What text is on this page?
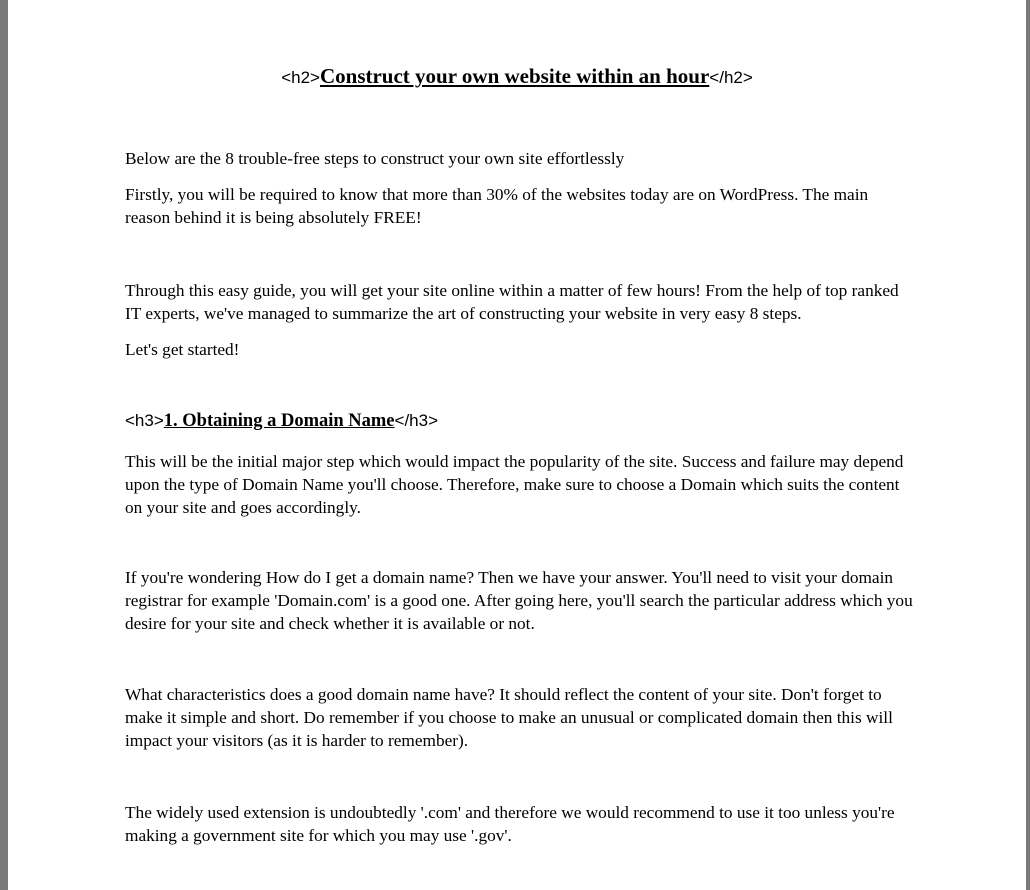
<h2>Construct your own website within an hour</h2>

Below are the 8 trouble-free steps to construct your own site effortlessly

Firstly, you will be required to know that more than 30% of the websites today are on WordPress. The main reason behind it is being absolutely FREE!

Through this easy guide, you will get your site online within a matter of few hours! From the help of top ranked IT experts, we've managed to summarize the art of constructing your website in very easy 8 steps.

Let's get started!

<h3>1. Obtaining a Domain Name</h3>

This will be the initial major step which would impact the popularity of the site. Success and failure may depend upon the type of Domain Name you'll choose. Therefore, make sure to choose a Domain which suits the content on your site and goes accordingly.

If you're wondering How do I get a domain name? Then we have your answer. You'll need to visit your domain registrar for example 'Domain.com' is a good one. After going here, you'll search the particular address which you desire for your site and check whether it is available or not.

What characteristics does a good domain name have? It should reflect the content of your site. Don't forget to make it simple and short. Do remember if you choose to make an unusual or complicated domain then this will impact your visitors (as it is harder to remember).

The widely used extension is undoubtedly '.com' and therefore we would recommend to use it too unless you're making a government site for which you may use '.gov'.
